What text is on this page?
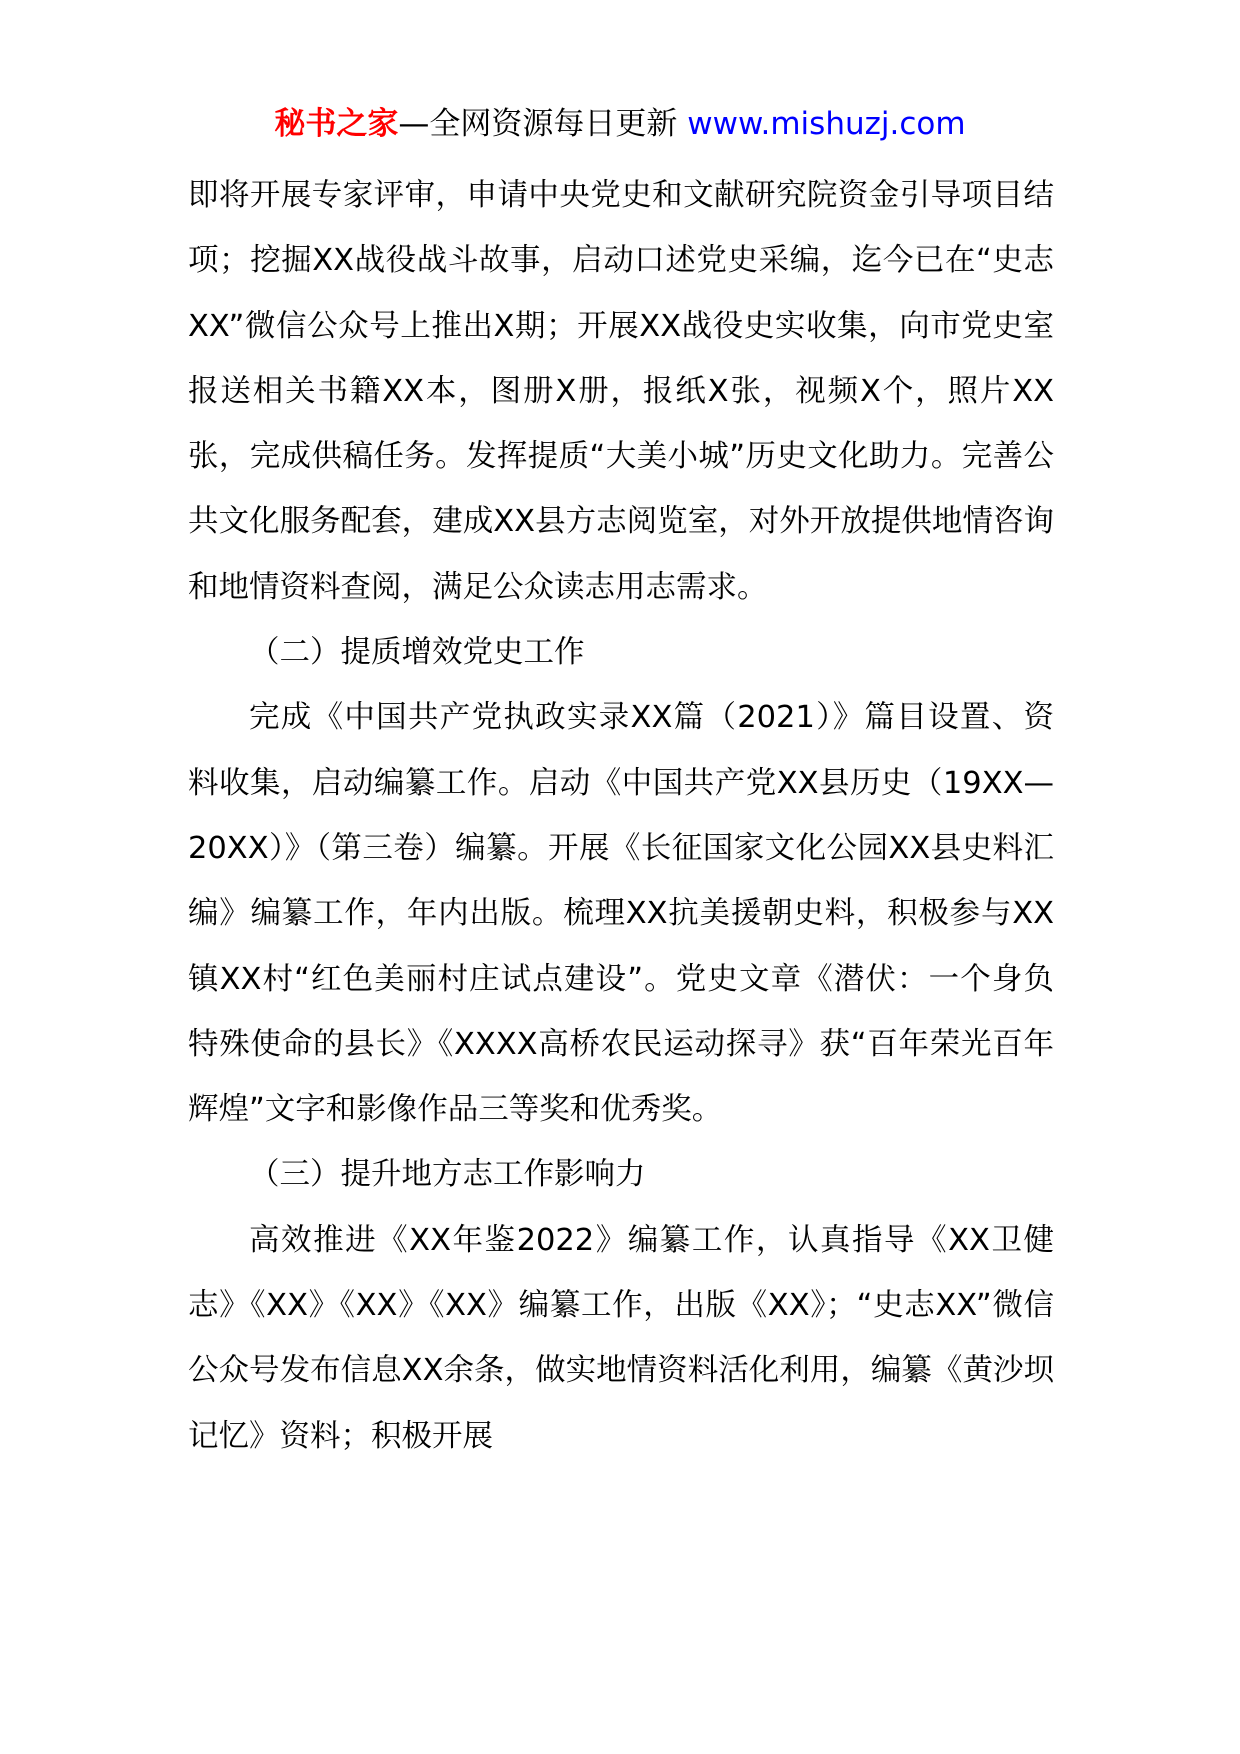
秘书之家—全网资源每日更新 www.mishuzj.com

即将开展专家评审，申请中央党史和文献研究院资金引导项目结项；挖掘XX战役战斗故事，启动口述党史采编，迄今已在“史志XX”微信公众号上推出X期；开展XX战役史实收集，向市党史室报送相关书籍XX本，图册X册，报纸X张，视频X个，照片XX张，完成供稿任务。发挥提质“大美小城”历史文化助力。完善公共文化服务配套，建成XX县方志阅览室，对外开放提供地情咨询和地情资料查阅，满足公众读志用志需求。

（二）提质增效党史工作

完成《中国共产党执政实录XX篇（2021）》篇目设置、资料收集，启动编纂工作。启动《中国共产党XX县历史（19XX—20XX）》（第三卷）编纂。开展《长征国家文化公园XX县史料汇编》编纂工作，年内出版。梳理XX抗美援朝史料，积极参与XX镇XX村“红色美丽村庄试点建设”。党史文章《潜伏：一个身负特殊使命的县长》《XXXX高桥农民运动探寻》获“百年荣光百年辉煌”文字和影像作品三等奖和优秀奖。

（三）提升地方志工作影响力

高效推进《XX年鉴2022》编纂工作，认真指导《XX卫健志》《XX》《XX》《XX》编纂工作，出版《XX》；“史志XX”微信公众号发布信息XX余条，做实地情资料活化利用，编纂《黄沙坝记忆》资料；积极开展
